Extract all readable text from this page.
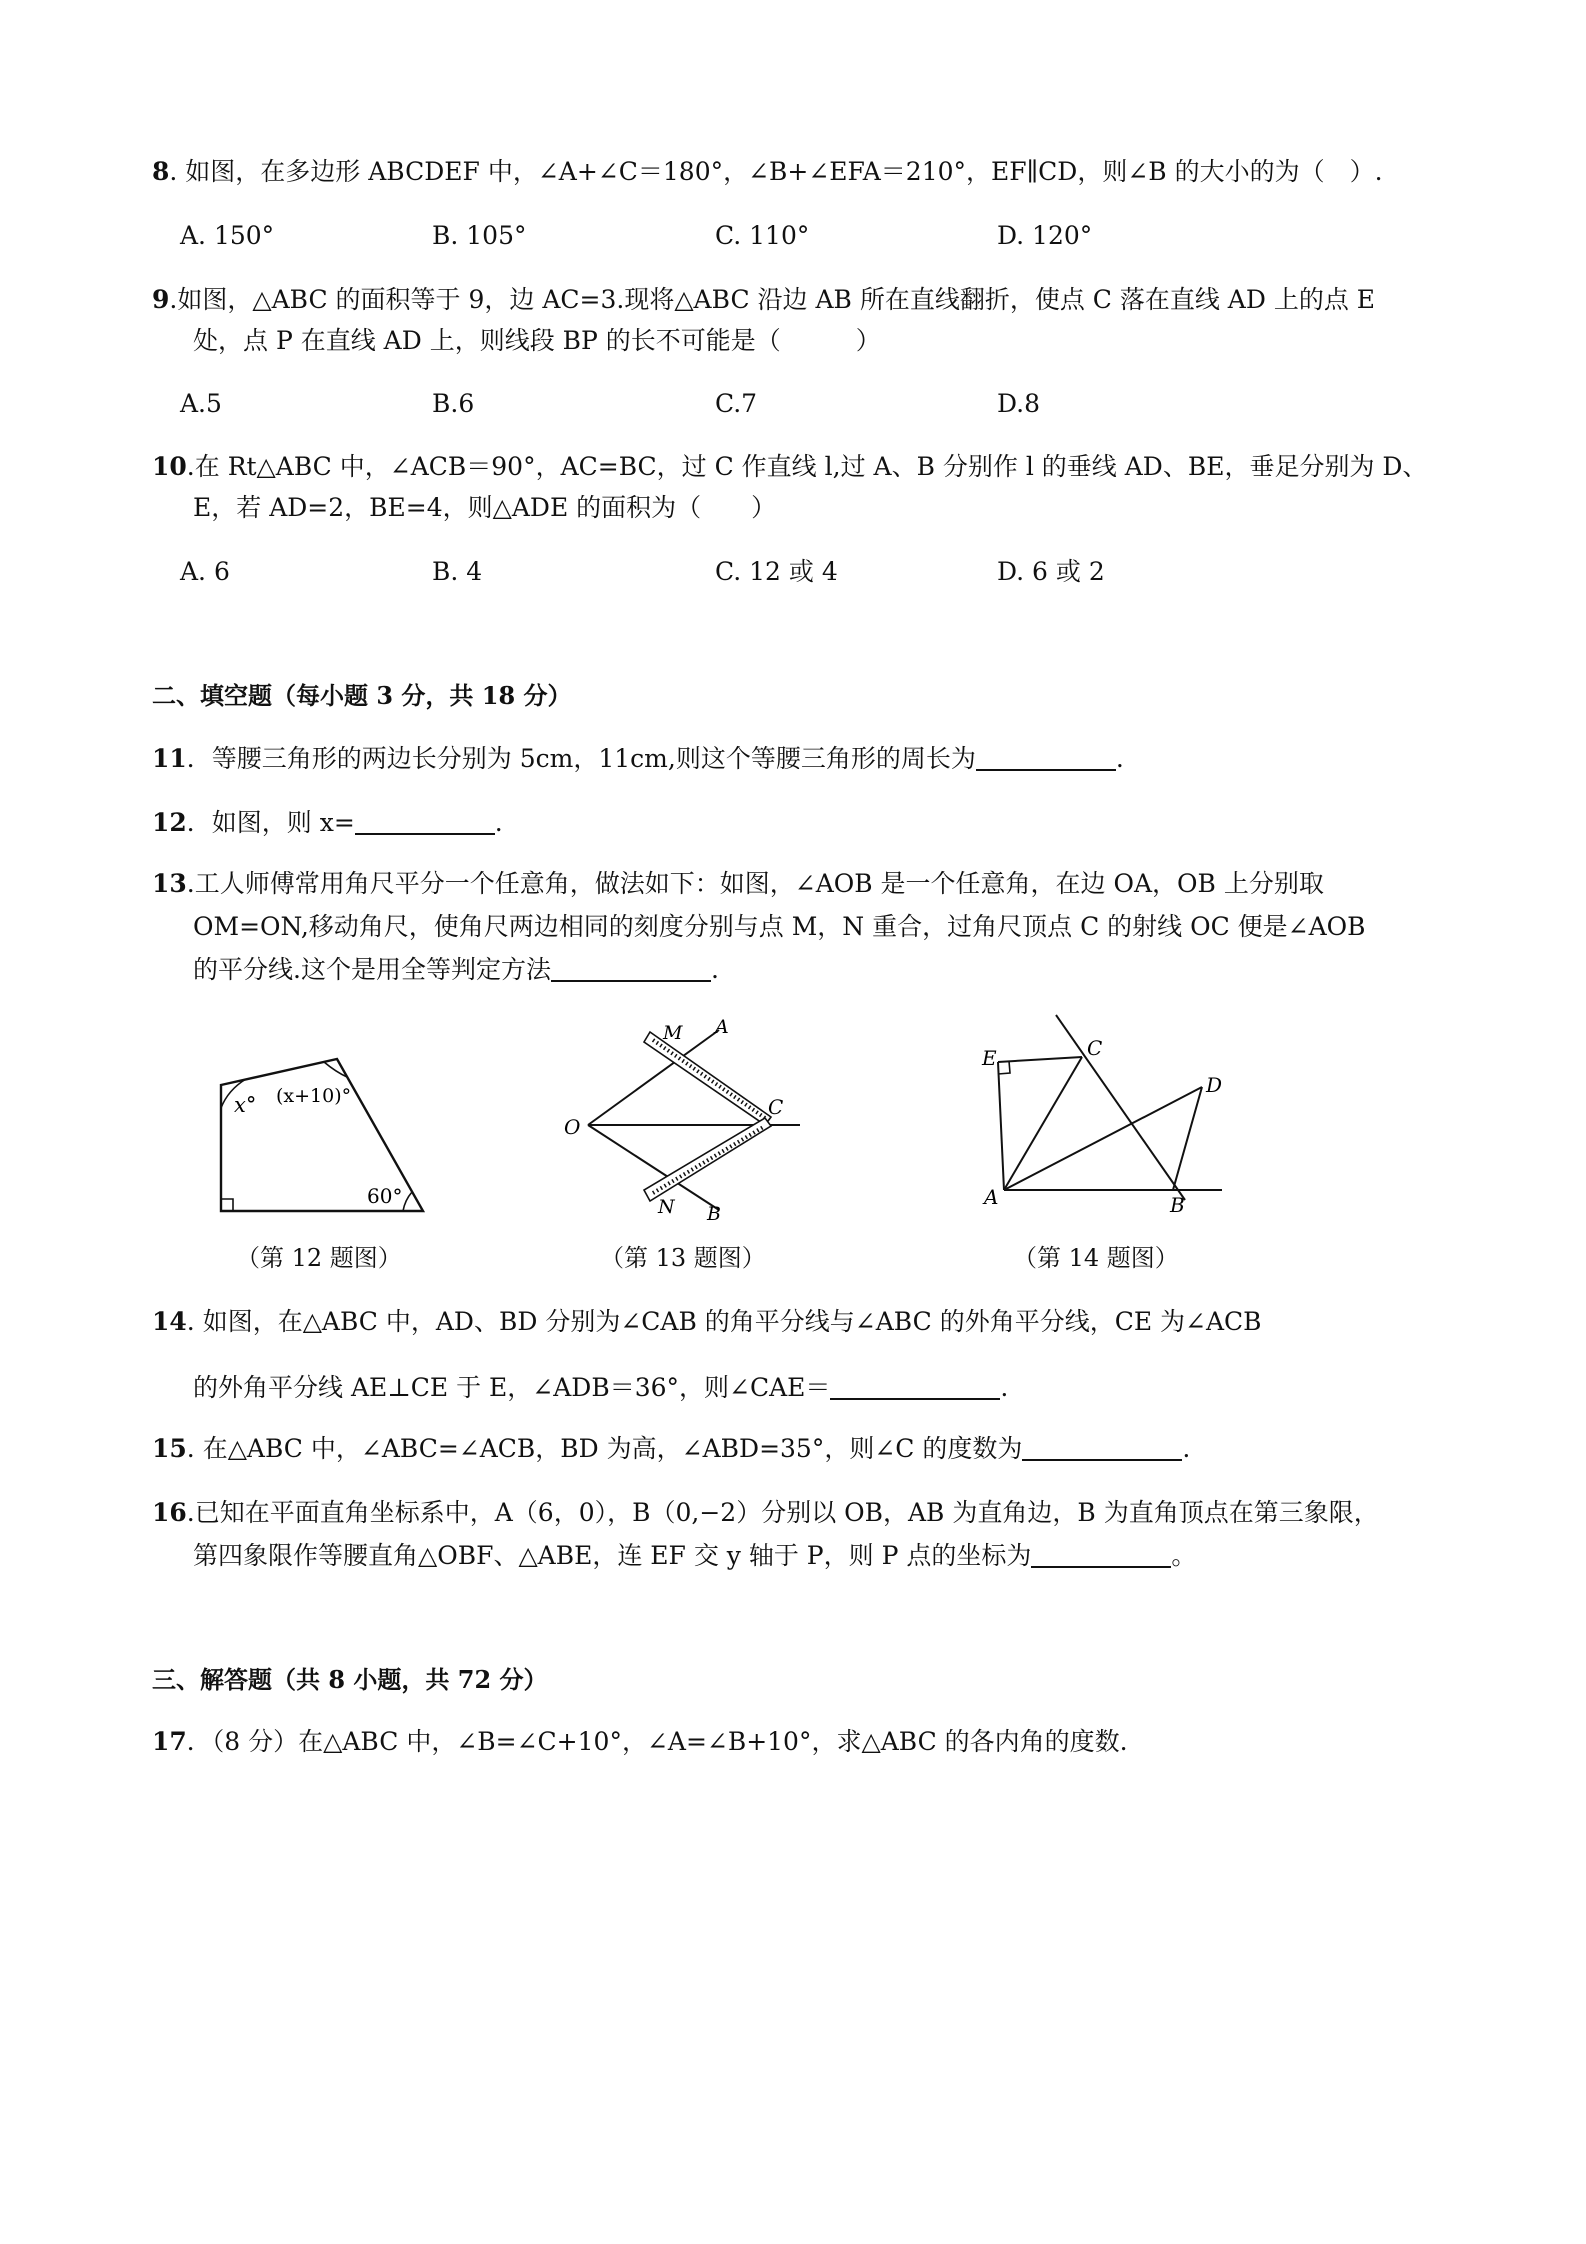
8. 如图，在多边形 ABCDEF 中，∠A+∠C＝180°，∠B+∠EFA＝210°，EF∥CD，则∠B 的大小的为（　）.
A. 150°	B. 105°	C. 110°	D. 120°
9.如图，△ABC 的面积等于 9，边 AC=3.现将△ABC 沿边 AB 所在直线翻折，使点 C 落在直线 AD 上的点 E
处，点 P 在直线 AD 上，则线段 BP 的长不可能是（　　　）
A.5	B.6	C.7	D.8
10.在 Rt△ABC 中，∠ACB＝90°，AC=BC，过 C 作直线 l,过 A、B 分别作 l 的垂线 AD、BE，垂足分别为 D、
E，若 AD=2，BE=4，则△ADE 的面积为（　　）
A. 6	B. 4	C. 12 或 4	D. 6 或 2
二、填空题（每小题 3 分，共 18 分）
11．等腰三角形的两边长分别为 5cm，11cm,则这个等腰三角形的周长为	.
12．如图，则 x=	.
13.工人师傅常用角尺平分一个任意角，做法如下：如图，∠AOB 是一个任意角，在边 OA，OB 上分别取
OM=ON,移动角尺，使角尺两边相同的刻度分别与点 M，N 重合，过角尺顶点 C 的射线 OC 便是∠AOB
的平分线.这个是用全等判定方法	.
x° (x+10)°
60°
M A
O
C
N B
E	C
D
A	B
（第 12 题图）	（第 13 题图）	（第 14 题图）
14. 如图，在△ABC 中，AD、BD 分别为∠CAB 的角平分线与∠ABC 的外角平分线，CE 为∠ACB
的外角平分线 AE⊥CE 于 E，∠ADB＝36°，则∠CAE＝	.
15. 在△ABC 中，∠ABC=∠ACB，BD 为高，∠ABD=35°，则∠C 的度数为	.
16.已知在平面直角坐标系中，A（6，0），B（0,−2）分别以 OB，AB 为直角边，B 为直角顶点在第三象限，
第四象限作等腰直角△OBF、△ABE，连 EF 交 y 轴于 P，则 P 点的坐标为	。
三、解答题（共 8 小题，共 72 分）
17．（8 分）在△ABC 中，∠B=∠C+10°，∠A=∠B+10°，求△ABC 的各内角的度数.
